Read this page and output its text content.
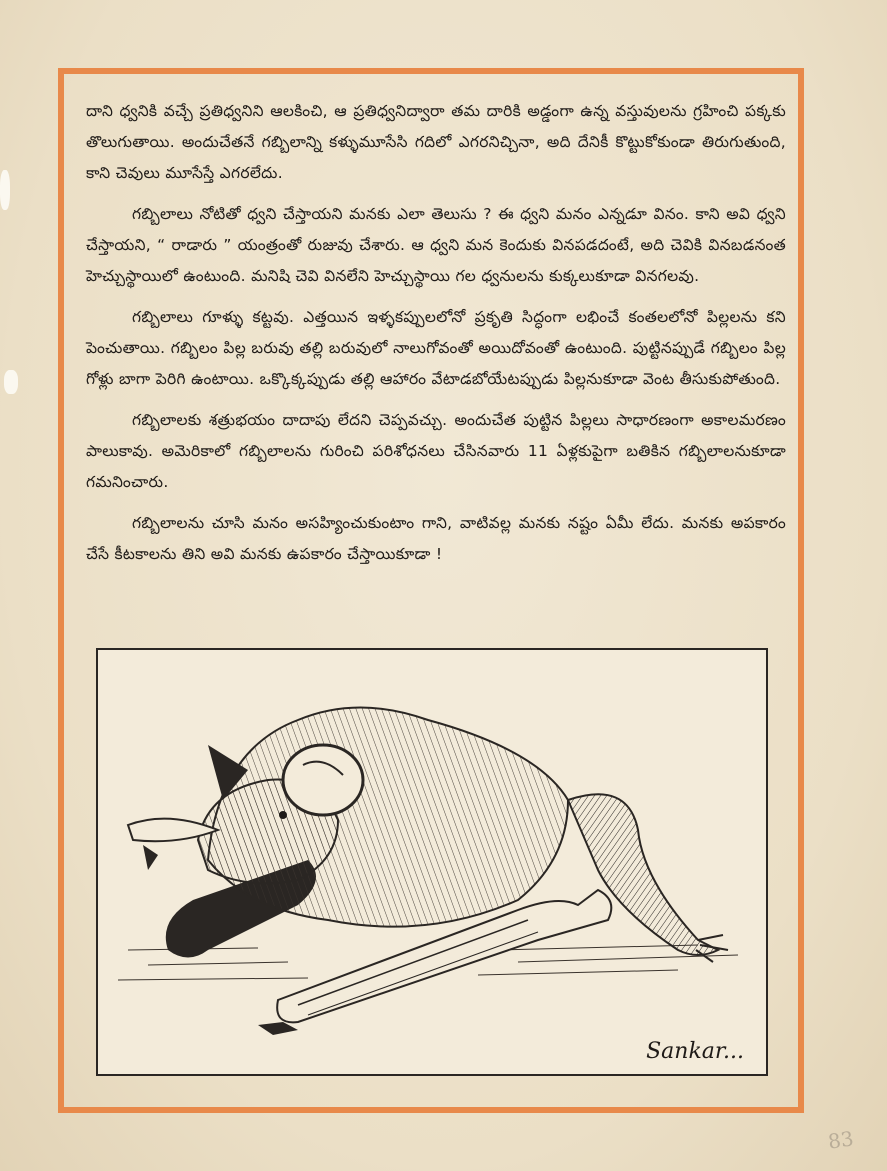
దాని ధ్వనికి వచ్చే ప్రతిధ్వనిని ఆలకించి, ఆ ప్రతిధ్వనిద్వారా తమ దారికి అడ్డంగా ఉన్న వస్తువులను గ్రహించి పక్కకు తొలుగుతాయి. అందుచేతనే గబ్బిలాన్ని కళ్ళుమూసేసి గదిలో ఎగరనిచ్చినా, అది దేనికీ కొట్టుకోకుండా తిరుగుతుంది, కాని చెవులు మూసేస్తే ఎగరలేదు.

గబ్బిలాలు నోటితో ధ్వని చేస్తాయని మనకు ఎలా తెలుసు ? ఈ ధ్వని మనం ఎన్నడూ వినం. కాని అవి ధ్వని చేస్తాయని, “ రాడారు ” యంత్రంతో రుజువు చేశారు. ఆ ధ్వని మన కెందుకు వినపడదంటే, అది చెవికి వినబడనంత హెచ్చుస్థాయిలో ఉంటుంది. మనిషి చెవి వినలేని హెచ్చుస్థాయి గల ధ్వనులను కుక్కలుకూడా వినగలవు.

గబ్బిలాలు గూళ్ళు కట్టవు. ఎత్తయిన ఇళ్ళకప్పులలోనో ప్రకృతి సిద్ధంగా లభించే కంతలలోనో పిల్లలను కని పెంచుతాయి. గబ్బిలం పిల్ల బరువు తల్లి బరువులో నాలుగోవంతో అయిదోవంతో ఉంటుంది. పుట్టినప్పుడే గబ్బిలం పిల్ల గోళ్లు బాగా పెరిగి ఉంటాయి. ఒక్కొక్కప్పుడు తల్లి ఆహారం వేటాడబోయేటప్పుడు పిల్లనుకూడా వెంట తీసుకుపోతుంది.

గబ్బిలాలకు శత్రుభయం దాదాపు లేదని చెప్పవచ్చు. అందుచేత పుట్టిన పిల్లలు సాధారణంగా అకాలమరణం పాలుకావు. అమెరికాలో గబ్బిలాలను గురించి పరిశోధనలు చేసినవారు 11 ఏళ్లకుపైగా బతికిన గబ్బిలాలనుకూడా గమనించారు.

గబ్బిలాలను చూసి మనం అసహ్యించుకుంటాం గాని, వాటివల్ల మనకు నష్టం ఏమీ లేదు. మనకు అపకారం చేసే కీటకాలను తిని అవి మనకు ఉపకారం చేస్తాయికూడా !

Sankar...
83
